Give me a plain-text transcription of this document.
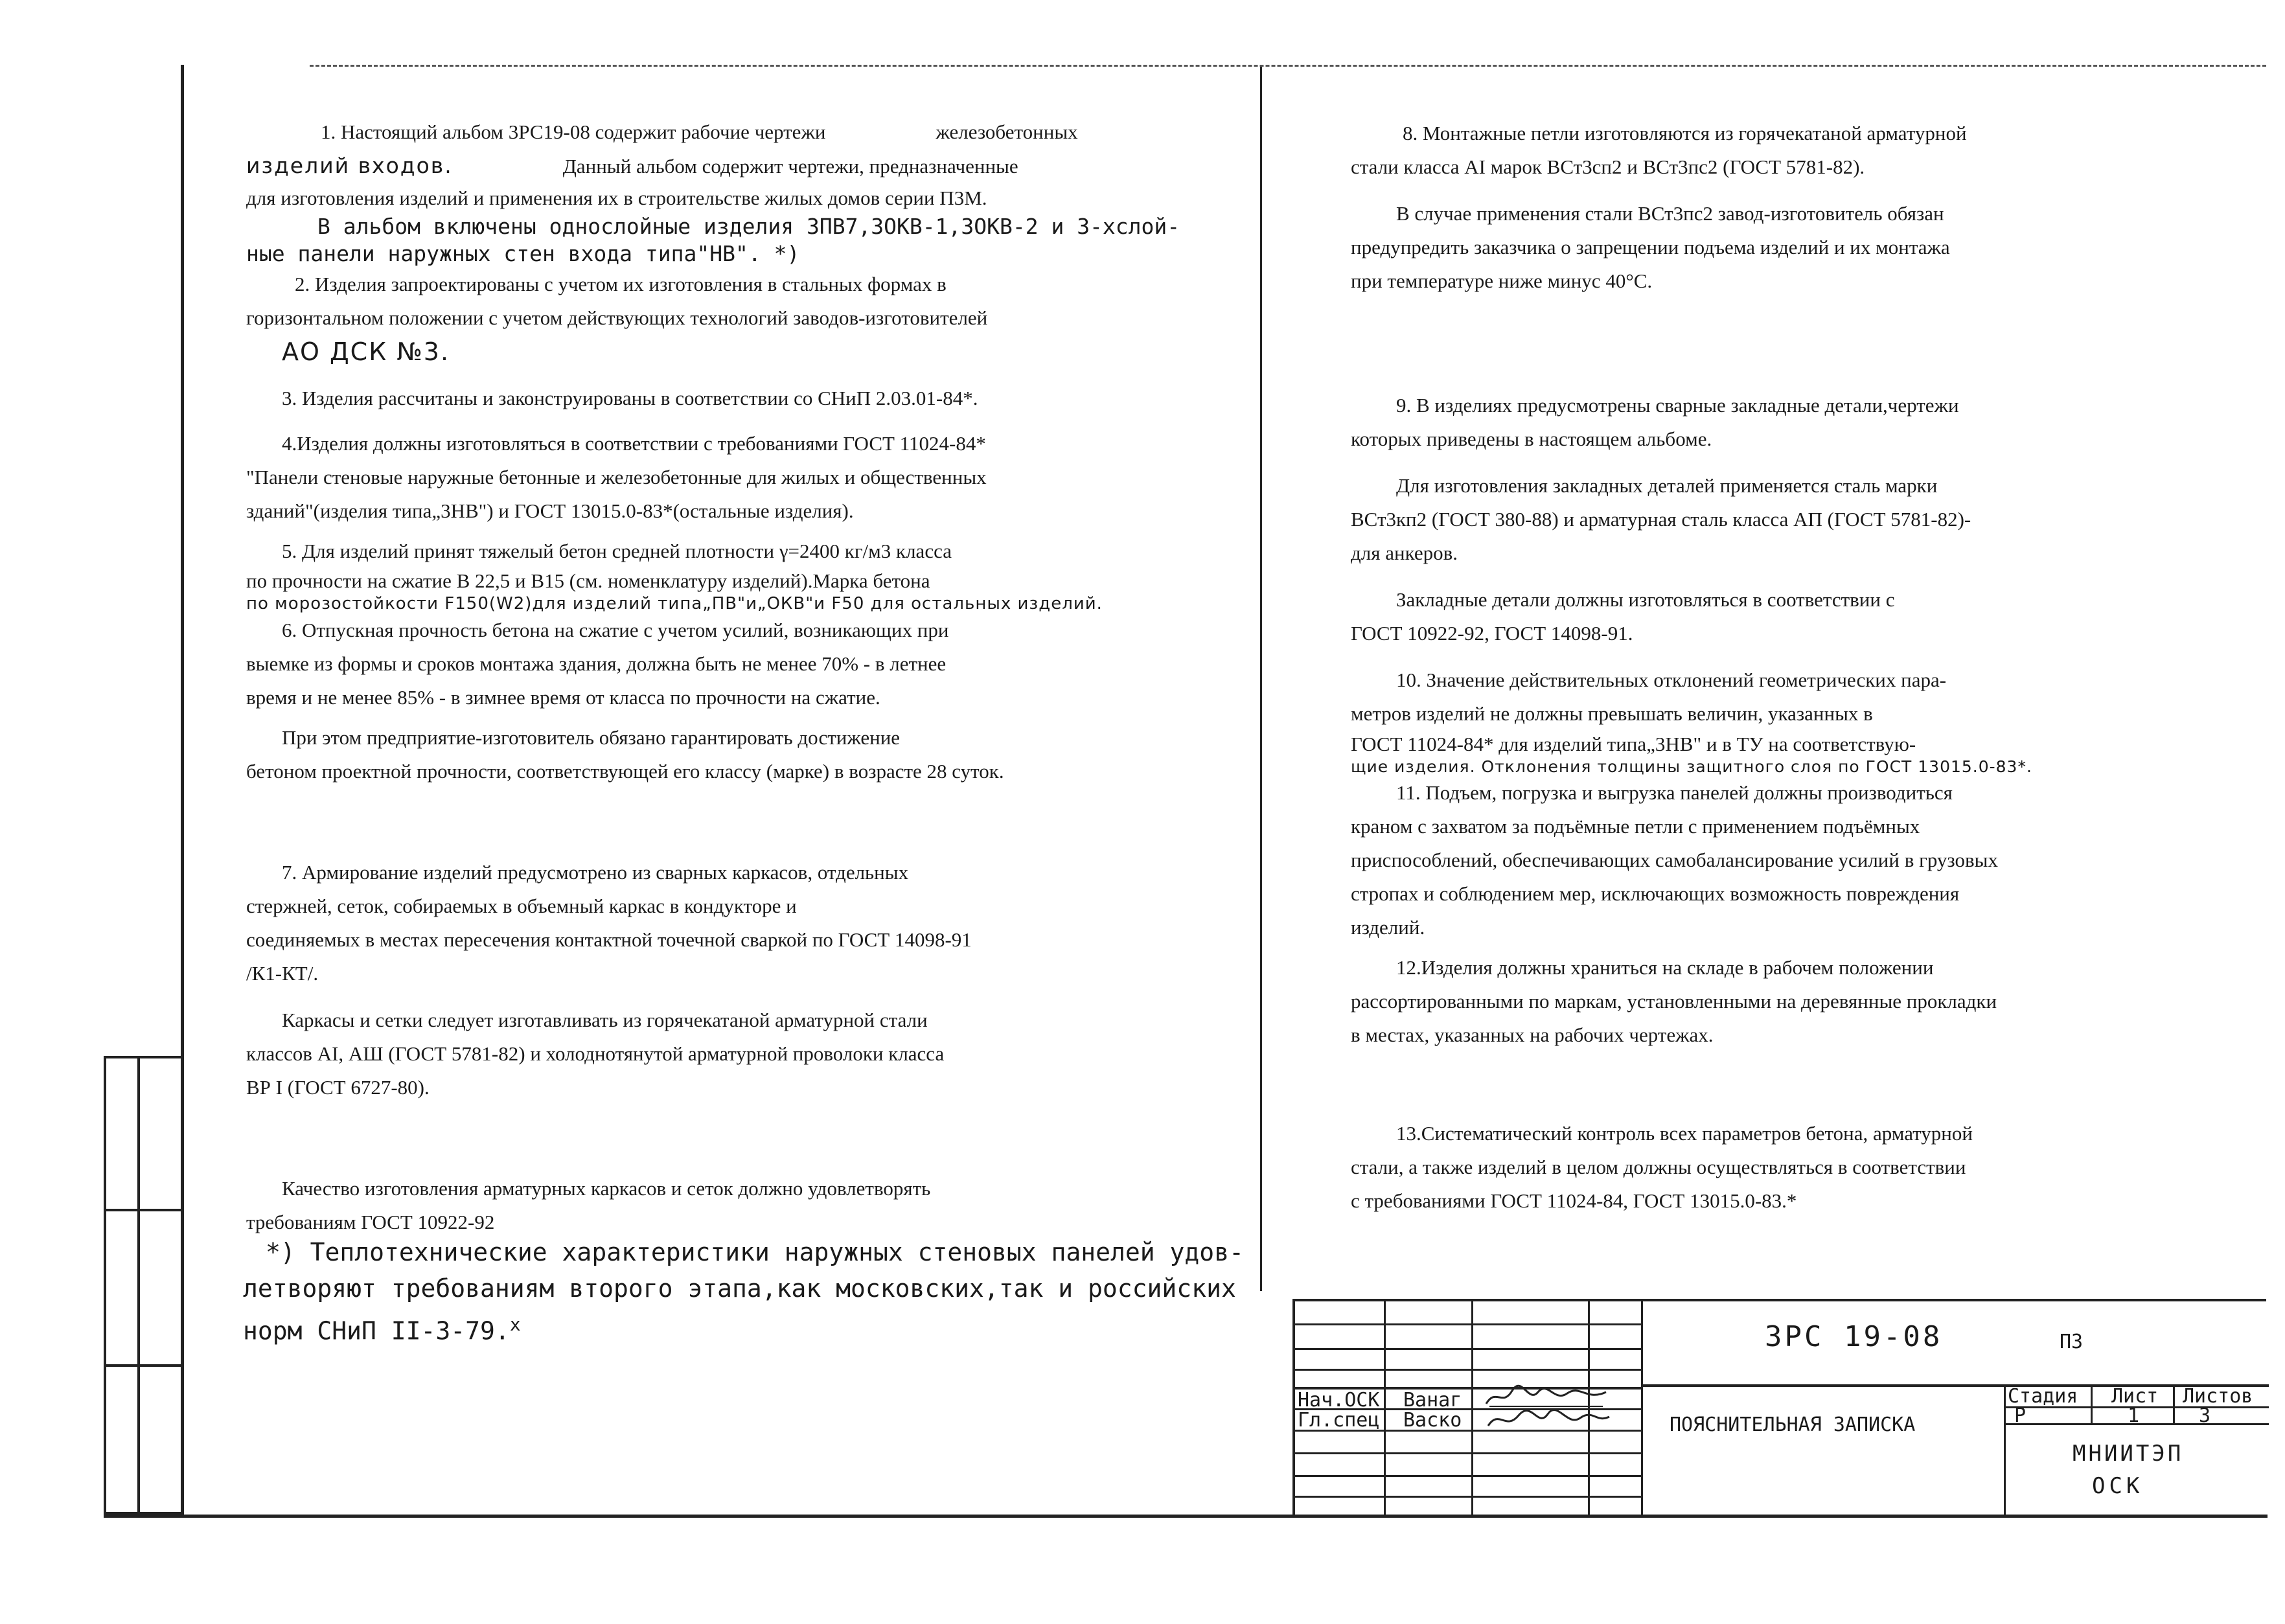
1. Настоящий альбом 3РС19-08 содержит рабочие чертежи	железобетонных

изделий входов.	Данный альбом содержит чертежи, предназначенные

для изготовления изделий и применения их в строительстве жилых домов серии П3М.

В альбом включены однослойные изделия 3ПВ7,3ОКВ-1,3ОКВ-2 и 3-хслой-

ные панели наружных стен входа типа"НВ". *)

2. Изделия запроектированы с учетом их изготовления в стальных формах в

горизонтальном положении с учетом действующих технологий заводов-изготовителей

АО ДСК №3.

3. Изделия рассчитаны и законструированы в соответствии со СНиП 2.03.01-84*.

4.Изделия должны изготовляться в соответствии с требованиями ГОСТ 11024-84*

"Панели стеновые наружные бетонные и железобетонные для жилых и общественных

зданий"(изделия типа„3НВ") и ГОСТ 13015.0-83*(остальные изделия).

5. Для изделий принят тяжелый бетон средней плотности γ=2400 кг/м3 класса

по прочности на сжатие В 22,5 и В15 (см. номенклатуру изделий).Марка бетона

по морозостойкости F150(W2)для изделий типа„ПВ"и„ОКВ"и F50 для остальных изделий.

6. Отпускная прочность бетона на сжатие с учетом усилий, возникающих при

выемке из формы и сроков монтажа здания, должна быть не менее 70% - в летнее

время и не менее 85% - в зимнее время от класса по прочности на сжатие.

При этом предприятие-изготовитель обязано гарантировать достижение

бетоном проектной прочности, соответствующей его классу (марке) в возрасте 28 суток.

7. Армирование изделий предусмотрено из сварных каркасов, отдельных

стержней, сеток, собираемых в объемный каркас в кондукторе и

соединяемых в местах пересечения контактной точечной сваркой по ГОСТ 14098-91

/К1-КТ/.

Каркасы и сетки следует изготавливать из горячекатаной арматурной стали

классов АI, АШ (ГОСТ 5781-82) и холоднотянутой арматурной проволоки класса

ВР I (ГОСТ 6727-80).

Качество изготовления арматурных каркасов и сеток должно удовлетворять

требованиям ГОСТ 10922-92

*) Теплотехнические характеристики наружных стеновых панелей удов-
летворяют требованиям второго этапа,как московских,так и российских
норм СНиП II-3-79.$^x$

8. Монтажные петли изготовляются из горячекатаной арматурной

стали класса АI марок ВСт3сп2 и ВСт3пс2 (ГОСТ 5781-82).

В случае применения стали ВСт3пс2 завод-изготовитель обязан

предупредить заказчика о запрещении подъема изделий и их монтажа

при температуре ниже минус 40°С.

9. В изделиях предусмотрены сварные закладные детали,чертежи

которых приведены в настоящем альбоме.

Для изготовления закладных деталей применяется сталь марки

ВСт3кп2 (ГОСТ 380-88) и арматурная сталь класса АП (ГОСТ 5781-82)-

для анкеров.

Закладные детали должны изготовляться в соответствии с

ГОСТ 10922-92, ГОСТ 14098-91.

10. Значение действительных отклонений геометрических пара-

метров изделий не должны превышать величин, указанных в

ГОСТ 11024-84* для изделий типа„3НВ" и в ТУ на соответствую-

щие изделия. Отклонения толщины защитного слоя по ГОСТ 13015.0-83*.

11. Подъем, погрузка и выгрузка панелей должны производиться

краном с захватом за подъёмные петли с применением подъёмных

приспособлений, обеспечивающих самобалансирование усилий в грузовых

стропах и соблюдением мер, исключающих возможность повреждения

изделий.

12.Изделия должны храниться на складе в рабочем положении

рассортированными по маркам, установленными на деревянные прокладки

в местах, указанных на рабочих чертежах.

13.Систематический контроль всех параметров бетона, арматурной

стали, а также изделий в целом должны осуществляться в соответствии

с требованиями ГОСТ 11024-84, ГОСТ 13015.0-83.*

3РС 19-08	ПЗ
Нач.ОСК Ванаг
Гл.спец Васко	ПОЯСНИТЕЛЬНАЯ ЗАПИСКА
Стадия Лист Листов
Р	1	3
МНИИТЭП
ОСК
